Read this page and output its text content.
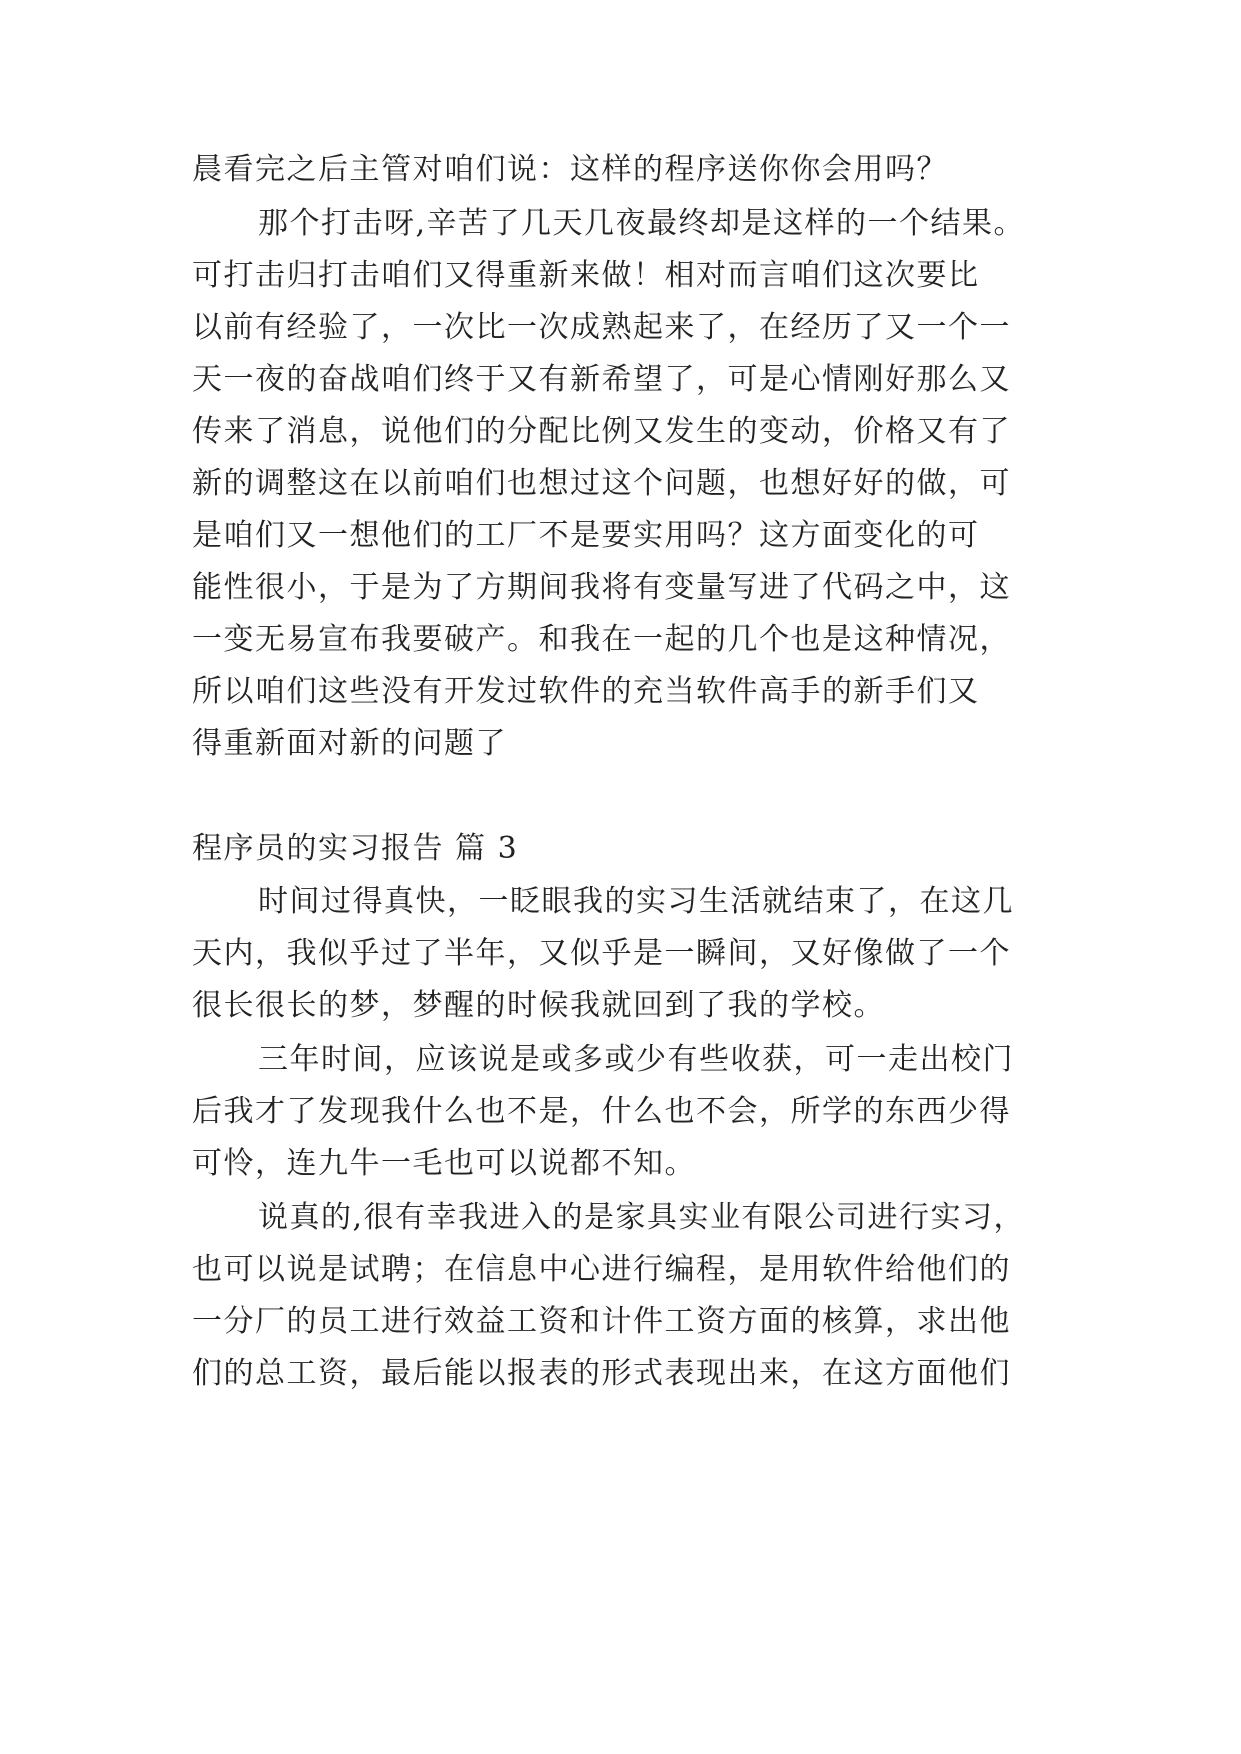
晨看完之后主管对咱们说：这样的程序送你你会用吗？
那个打击呀,辛苦了几天几夜最终却是这样的一个结果。
可打击归打击咱们又得重新来做！相对而言咱们这次要比
以前有经验了，一次比一次成熟起来了，在经历了又一个一
天一夜的奋战咱们终于又有新希望了，可是心情刚好那么又
传来了消息，说他们的分配比例又发生的变动，价格又有了
新的调整这在以前咱们也想过这个问题，也想好好的做，可
是咱们又一想他们的工厂不是要实用吗？这方面变化的可
能性很小，于是为了方期间我将有变量写进了代码之中，这
一变无易宣布我要破产。和我在一起的几个也是这种情况，
所以咱们这些没有开发过软件的充当软件高手的新手们又
得重新面对新的问题了
程序员的实习报告 篇 3
时间过得真快，一眨眼我的实习生活就结束了，在这几
天内，我似乎过了半年，又似乎是一瞬间，又好像做了一个
很长很长的梦，梦醒的时候我就回到了我的学校。
三年时间，应该说是或多或少有些收获，可一走出校门
后我才了发现我什么也不是，什么也不会，所学的东西少得
可怜，连九牛一毛也可以说都不知。
说真的,很有幸我进入的是家具实业有限公司进行实习，
也可以说是试聘；在信息中心进行编程，是用软件给他们的
一分厂的员工进行效益工资和计件工资方面的核算，求出他
们的总工资，最后能以报表的形式表现出来，在这方面他们
